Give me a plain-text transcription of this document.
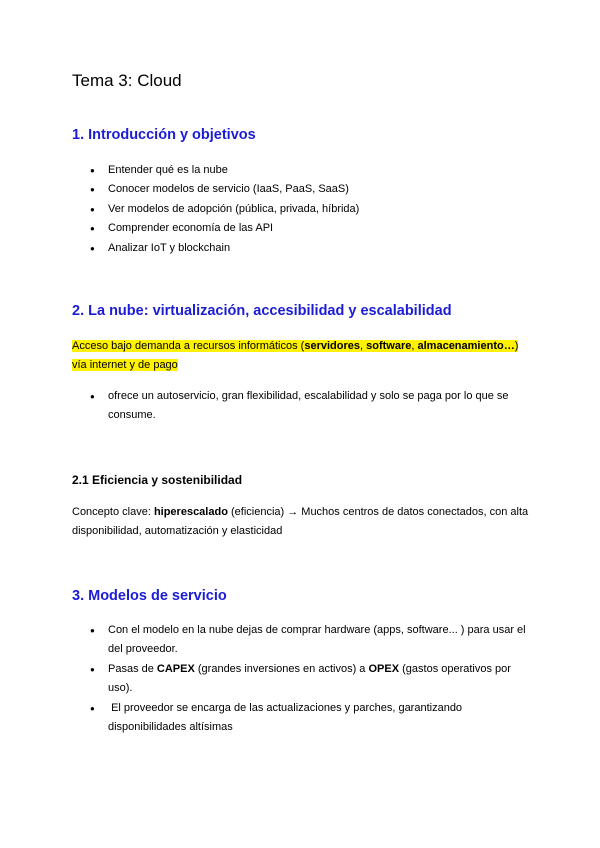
Tema 3: Cloud
1. Introducción y objetivos
● Entender qué es la nube
● Conocer modelos de servicio (IaaS, PaaS, SaaS)
● Ver modelos de adopción (pública, privada, híbrida)
● Comprender economía de las API
● Analizar IoT y blockchain
2. La nube: virtualización, accesibilidad y escalabilidad

Acceso bajo demanda a recursos informáticos (servidores, software, almacenamiento…)
vía internet y de pago

● ofrece un autoservicio, gran flexibilidad, escalabilidad y solo se paga por lo que se consume.
2.1 Eficiencia y sostenibilidad

Concepto clave: hiperescalado (eficiencia) → Muchos centros de datos conectados, con alta disponibilidad, automatización y elasticidad

3. Modelos de servicio
● Con el modelo en la nube dejas de comprar hardware (apps, software... ) para usar el del proveedor.
● Pasas de CAPEX (grandes inversiones en activos) a OPEX (gastos operativos por uso).
●  El proveedor se encarga de las actualizaciones y parches, garantizando disponibilidades altísimas
